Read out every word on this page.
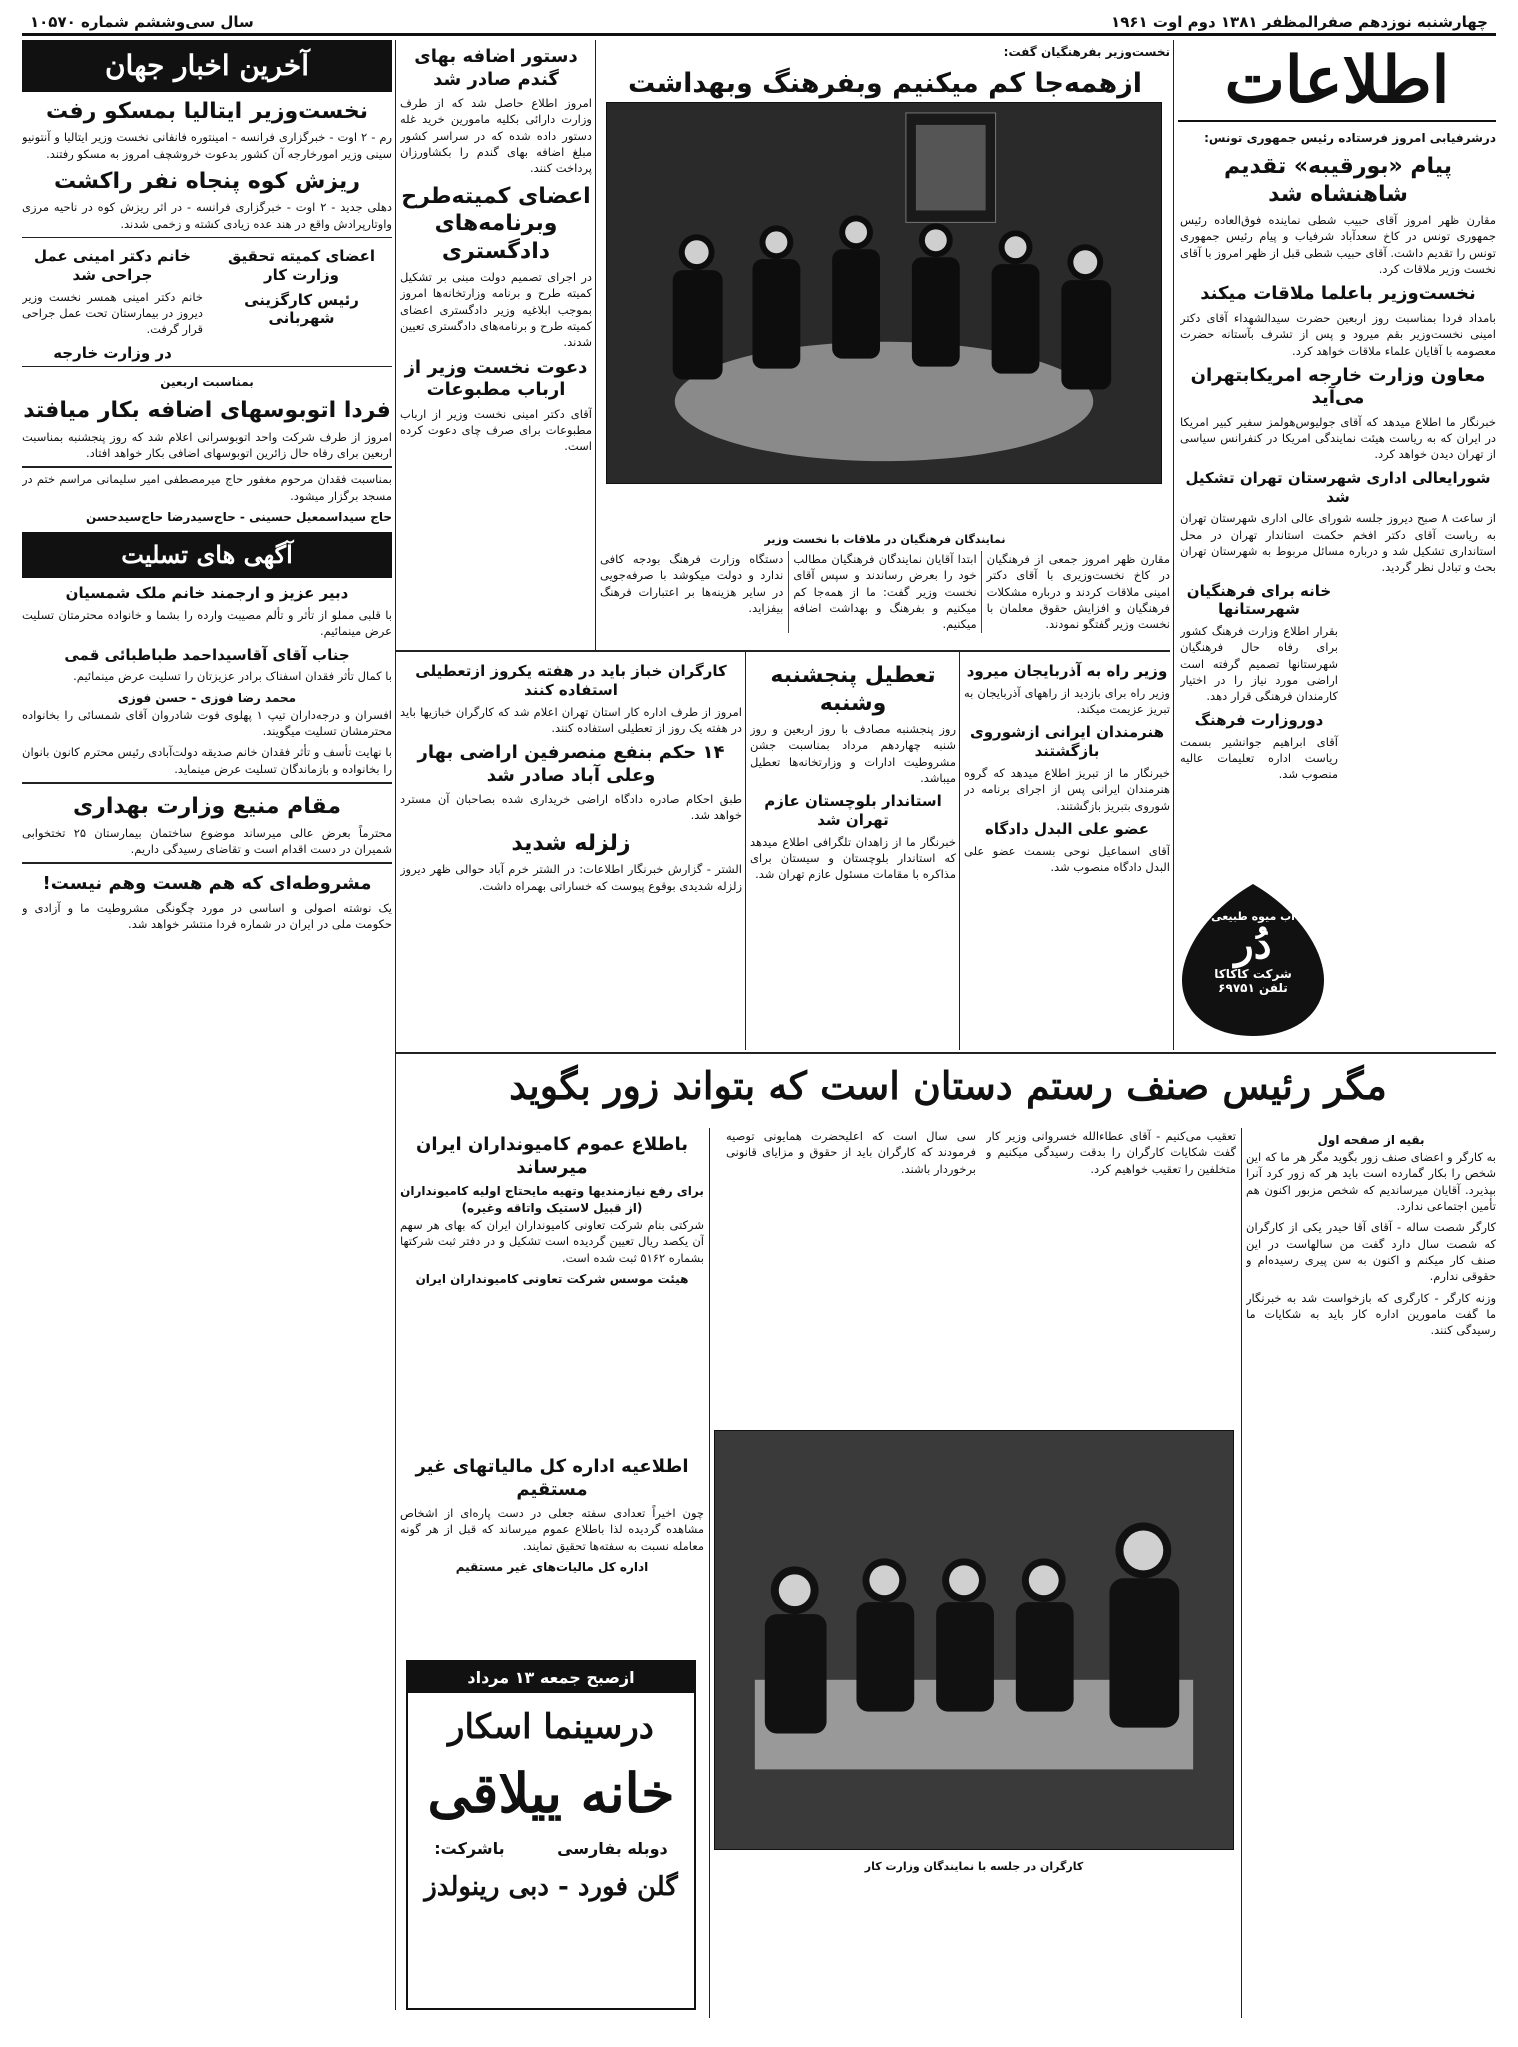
چهارشنبه نوزدهم صفرالمظفر ۱۳۸۱ دوم اوت ۱۹۶۱
سال سی‌وششم شماره ۱۰۵۷۰
اطلاعات
درشرفیابی امروز فرستاده رئیس جمهوری تونس:
پیام «بورقیبه» تقدیم شاهنشاه شد

مقارن ظهر امروز آقای حبیب شطی نماینده فوق‌العاده رئیس جمهوری تونس در کاخ سعدآباد شرفیاب و پیام رئیس جمهوری تونس را تقدیم داشت. آقای حبیب شطی قبل از ظهر امروز با آقای نخست وزیر ملاقات کرد.

نخست‌وزیر باعلما ملاقات میکند

بامداد فردا بمناسبت روز اربعین حضرت سیدالشهداء آقای دکتر امینی نخست‌وزیر بقم میرود و پس از تشرف بآستانه حضرت معصومه با آقایان علماء ملاقات خواهد کرد.

معاون وزارت خارجه امریکابتهران می‌آید

خبرنگار ما اطلاع میدهد که آقای جولیوس‌هولمز سفیر کبیر امریکا در ایران که به ریاست هیئت نمایندگی امریکا در کنفرانس سیاسی از تهران دیدن خواهد کرد.

شورایعالی اداری شهرستان تهران تشکیل شد

از ساعت ۸ صبح دیروز جلسه شورای عالی اداری شهرستان تهران به ریاست آقای دکتر افخم حکمت استاندار تهران در محل استانداری تشکیل شد و درباره مسائل مربوط به شهرستان تهران بحث و تبادل نظر گردید.

خانه برای فرهنگیان شهرستانها

بقرار اطلاع وزارت فرهنگ کشور برای رفاه حال فرهنگیان شهرستانها تصمیم گرفته است اراضی مورد نیاز را در اختیار کارمندان فرهنگی قرار دهد.

دوروزارت فرهنگ

آقای ابراهیم جوانشیر بسمت ریاست اداره تعلیمات عالیه منصوب شد.

آب میوه طبیعی
دُر
شرکت کاکاکا
تلفن ۶۹۷۵۱
نخست‌وزیر بفرهنگیان گفت:
ازهمه‌جا کم میکنیم وبفرهنگ وبهداشت
نمایندگان فرهنگیان در ملاقات با نخست وزیر

مقارن ظهر امروز جمعی از فرهنگیان در کاخ نخست‌وزیری با آقای دکتر امینی ملاقات کردند و درباره مشکلات فرهنگیان و افزایش حقوق معلمان با نخست وزیر گفتگو نمودند.

ابتدا آقایان نمایندگان فرهنگیان مطالب خود را بعرض رساندند و سپس آقای نخست وزیر گفت: ما از همه‌جا کم میکنیم و بفرهنگ و بهداشت اضافه میکنیم.

دستگاه وزارت فرهنگ بودجه کافی ندارد و دولت میکوشد با صرفه‌جویی در سایر هزینه‌ها بر اعتبارات فرهنگ بیفزاید.

دستور اضافه بهای گندم صادر شد

امروز اطلاع حاصل شد که از طرف وزارت دارائی بکلیه مامورین خرید غله دستور داده شده که در سراسر کشور مبلغ اضافه بهای گندم را بکشاورزان پرداخت کنند.

اعضای کمیته‌طرح وبرنامه‌های دادگستری

در اجرای تصمیم دولت مبنی بر تشکیل کمیته طرح و برنامه وزارتخانه‌ها امروز بموجب ابلاغیه وزیر دادگستری اعضای کمیته طرح و برنامه‌های دادگستری تعیین شدند.

دعوت نخست وزیر از ارباب مطبوعات

آقای دکتر امینی نخست وزیر از ارباب مطبوعات برای صرف چای دعوت کرده است.

وزیر راه به آذربایجان میرود

وزیر راه برای بازدید از راههای آذربایجان به تبریز عزیمت میکند.

هنرمندان ایرانی ازشوروی بازگشتند

خبرنگار ما از تبریز اطلاع میدهد که گروه هنرمندان ایرانی پس از اجرای برنامه در شوروی بتبریز بازگشتند.

عضو علی البدل دادگاه

آقای اسماعیل نوحی بسمت عضو علی البدل دادگاه منصوب شد.

تعطیل پنجشنبه وشنبه

روز پنجشنبه مصادف با روز اربعین و روز شنبه چهاردهم مرداد بمناسبت جشن مشروطیت ادارات و وزارتخانه‌ها تعطیل میباشد.

استاندار بلوچستان عازم تهران شد

خبرنگار ما از زاهدان تلگرافی اطلاع میدهد که استاندار بلوچستان و سیستان برای مذاکره با مقامات مسئول عازم تهران شد.

کارگران خباز باید در هفته یکروز ازتعطیلی استفاده کنند

امروز از طرف اداره کار استان تهران اعلام شد که کارگران خبازیها باید در هفته یک روز از تعطیلی استفاده کنند.

۱۴ حکم بنفع منصرفین اراضی بهار وعلی آباد صادر شد

طبق احکام صادره دادگاه اراضی خریداری شده بصاحبان آن مسترد خواهد شد.

زلزله شدید

الشتر - گزارش خبرنگار اطلاعات: در الشتر خرم آباد حوالی ظهر دیروز زلزله شدیدی بوقوع پیوست که خساراتی بهمراه داشت.

آخرین اخبار جهان
نخست‌وزیر ایتالیا بمسکو رفت

رم - ۲ اوت - خبرگزاری فرانسه - امینتوره فانفانی نخست وزیر ایتالیا و آنتونیو سینی وزیر امورخارجه آن کشور بدعوت خروشچف امروز به مسکو رفتند.

ریزش کوه پنجاه نفر راکشت

دهلی جدید - ۲ اوت - خبرگزاری فرانسه - در اثر ریزش کوه در ناحیه مرزی واوتارپرادش واقع در هند عده زیادی کشته و زخمی شدند.

اعضای کمیته تحقیق وزارت کار
رئیس کارگزینی شهربانی
خانم دکتر امینی عمل جراحی شد

خانم دکتر امینی همسر نخست وزیر دیروز در بیمارستان تحت عمل جراحی قرار گرفت.

در وزارت خارجه
بمناسبت اربعین
فردا اتوبوسهای اضافه بکار میافتد

امروز از طرف شرکت واحد اتوبوسرانی اعلام شد که روز پنجشنبه بمناسبت اربعین برای رفاه حال زائرین اتوبوسهای اضافی بکار خواهد افتاد.

بمناسبت فقدان مرحوم مغفور حاج میرمصطفی امیر سلیمانی مراسم ختم در مسجد برگزار میشود.

حاج سیداسمعیل حسینی - حاج‌سیدرضا حاج‌سیدحسن
آگهی های تسلیت
دبیر عزیز و ارجمند خانم ملک شمسیان

با قلبی مملو از تأثر و تألم مصیبت وارده را بشما و خانواده محترمتان تسلیت عرض مینمائیم.

جناب آقای آقاسیداحمد طباطبائی قمی

با کمال تأثر فقدان اسفناک برادر عزیزتان را تسلیت عرض مینمائیم.

محمد رضا فوزی - حسن فوزی

افسران و درجه‌داران تیپ ۱ پهلوی فوت شادروان آقای شمسائی را بخانواده محترمشان تسلیت میگویند.

با نهایت تأسف و تأثر فقدان خانم صدیقه دولت‌آبادی رئیس محترم کانون بانوان را بخانواده و بازماندگان تسلیت عرض مینماید.

مقام منیع وزارت بهداری

محترماً بعرض عالی میرساند موضوع ساختمان بیمارستان ۲۵ تختخوابی شمیران در دست اقدام است و تقاضای رسیدگی داریم.

مشروطه‌ای که هم هست وهم نیست!

یک نوشته اصولی و اساسی در مورد چگونگی مشروطیت ما و آزادی و حکومت ملی در ایران در شماره فردا منتشر خواهد شد.

مگر رئیس صنف رستم دستان است که بتواند زور بگوید
بقیه از صفحه اول

به کارگر و اعضای صنف زور بگوید مگر هر ما که این شخص را بکار گمارده است باید هر که زور کرد آنرا بپذیرد. آقایان میرساندیم که شخص مزبور اکنون هم تأمین اجتماعی ندارد.

کارگر شصت ساله - آقای آقا حیدر یکی از کارگران که شصت سال دارد گفت من سالهاست در این صنف کار میکنم و اکنون به سن پیری رسیده‌ام و حقوقی ندارم.

وزنه کارگر - کارگری که بازخواست شد به خبرنگار ما گفت مامورین اداره کار باید به شکایات ما رسیدگی کنند.

تعقیب می‌کنیم - آقای عطاءالله خسروانی وزیر کار گفت شکایات کارگران را بدقت رسیدگی میکنیم و متخلفین را تعقیب خواهیم کرد.

سی سال است که اعلیحضرت همایونی توصیه فرمودند که کارگران باید از حقوق و مزایای قانونی برخوردار باشند.

کارگران در جلسه با نمایندگان وزارت کار
باطلاع عموم کامیونداران ایران میرساند
برای رفع نیازمندیها وتهیه مایحتاج اولیه کامیونداران (از قبیل لاستیک واتاقه وغیره)

شرکتی بنام شرکت تعاونی کامیونداران ایران که بهای هر سهم آن یکصد ریال تعیین گردیده است تشکیل و در دفتر ثبت شرکتها بشماره ۵۱۶۲ ثبت شده است.

هیئت موسس شرکت تعاونی کامیونداران ایران
اطلاعیه اداره کل مالیاتهای غیر مستقیم

چون اخیراً تعدادی سفته جعلی در دست پاره‌ای از اشخاص مشاهده گردیده لذا باطلاع عموم میرساند که قبل از هر گونه معامله نسبت به سفته‌ها تحقیق نمایند.

اداره کل مالیات‌های غیر مستقیم
ازصبح جمعه ۱۳ مرداد
درسینما اسکار
خانه ییلاقی
دوبله بفارسی
باشرکت:
گلن فورد - دبی رینولدز
